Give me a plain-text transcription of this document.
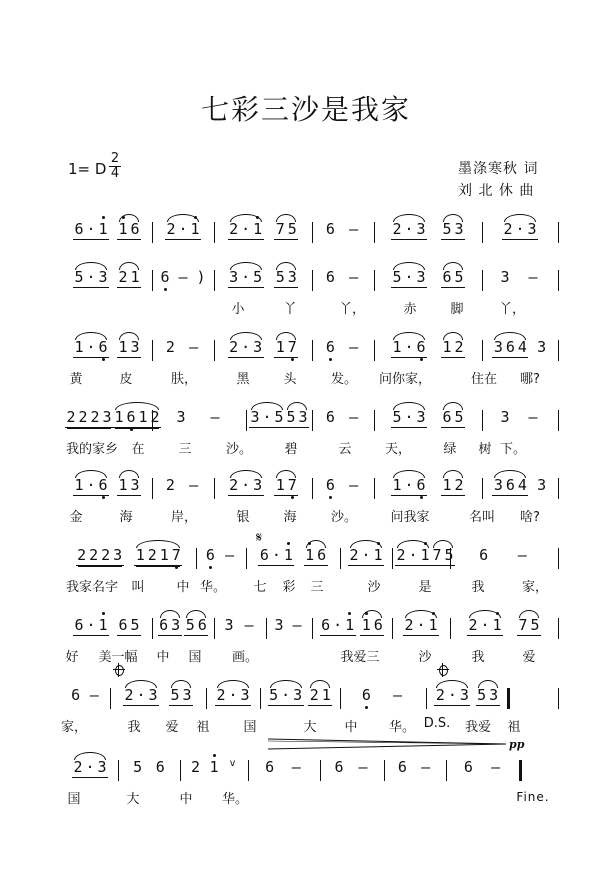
七彩三沙是我家
1= D
2
4	墨涤寒秋 词
刘 北 休 曲
𝄋
pp
6 · 1 1 6 2 · 1 2 · 1 7 5 6 – 2 · 3 5 3	2 · 3
5 · 3 2 1 6 – ) 3 · 5 5 3 6 – 5 · 3 6 5 3 –
小	丫	丫，	赤	脚	丫，
1 · 6 1 3 2 – 2 · 3 1 7 6 – 1 · 6 1 2 3 6 4 3
黄	皮	肤，	黑	头	发。 问你家，	住在 哪?
2 2 2 3 1 6 1 2 3 – 3 · 5 5 3 6 – 5 · 3 6 5 3 –
我的家乡 在	三	沙。 碧	云	天， 绿 树 下。
1 · 6 1 3 2 – 2 · 3 1 7 6 – 1 · 6 1 2 3 6 4 3
金	海	岸，	银	海	沙。	问我家	名叫 啥?
2 2 2 3 1 2 1 7 6 – 6 · 1 1 6 2 · 1 2 · 1 7 5 6 –
我家名字 叫 中 华。 七 彩 三	沙	是	我	家，
6 · 1 6 5 6 3 5 6 3 – 3 – 6 · 1 1 6 2 · 1 2 · 1 7 5
好 美一幅 中 国 画。	我爱三	沙	我	爱
6 – 2 · 3 5 3 2 · 3 5 · 3 2 1 6 – 2 · 3 5 3
家，	我 爱 祖	国	大 中 华。 D.S. 我爱 祖
2 · 3 5 6 2 1 v 6 – 6 – 6 – 6 –
国	大	中 华。	Fine.
